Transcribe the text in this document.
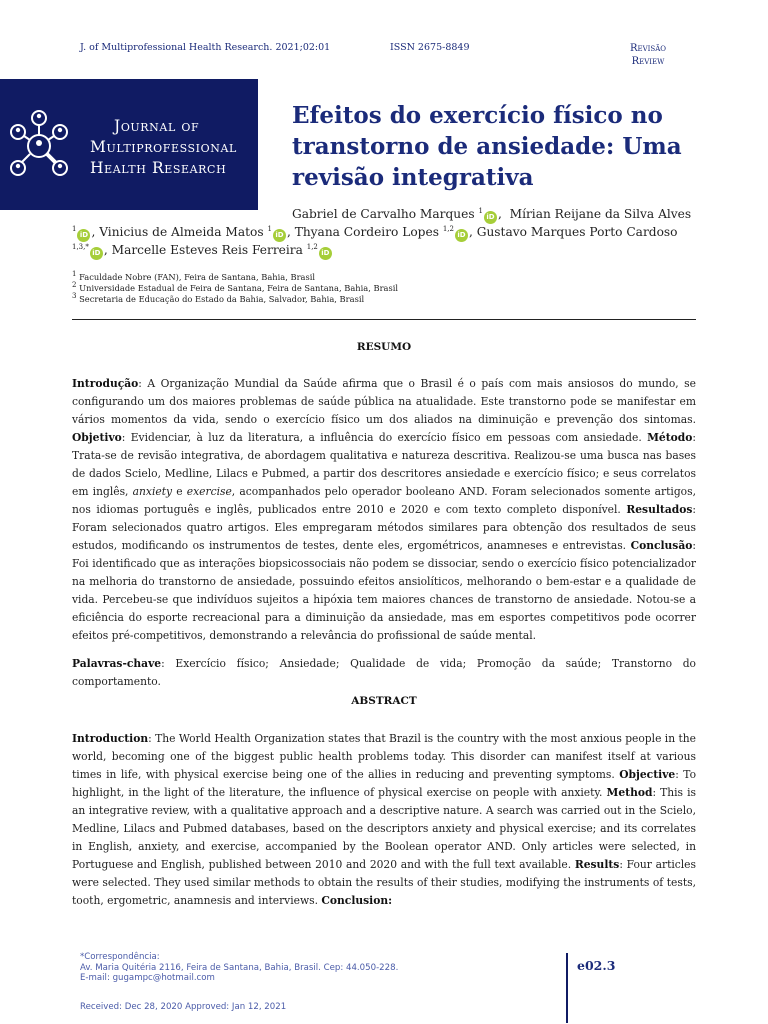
J. of Multiprofessional Health Research. 2021;02:01	ISSN 2675-8849	Revisão
Review
Journal of
Multiprofessional
Health Research
Efeitos do exercício físico no transtorno de ansiedade: Uma revisão integrativa
Gabriel de Carvalho Marques $^1$iD ,  Mírian Reijane da Silva Alves
$^1$iD , Vinicius de Almeida Matos $^1$iD , Thyana Cordeiro Lopes $^{1,2}$iD , Gustavo Marques Porto Cardoso
$^{1,3,*}$iD , Marcelle Esteves Reis Ferreira $^{1,2}$iD
$^1$ Faculdade Nobre (FAN), Feira de Santana, Bahia, Brasil
$^2$ Universidade Estadual de Feira de Santana, Feira de Santana, Bahia, Brasil
$^3$ Secretaria de Educação do Estado da Bahia, Salvador, Bahia, Brasil
RESUMO

Introdução: A Organização Mundial da Saúde afirma que o Brasil é o país com mais ansiosos do mundo, se configurando um dos maiores problemas de saúde pública na atualidade. Este transtorno pode se manifestar em vários momentos da vida, sendo o exercício físico um dos aliados na diminuição e prevenção dos sintomas. Objetivo: Evidenciar, à luz da literatura, a influência do exercício físico em pessoas com ansiedade. Método: Trata-se de revisão integrativa, de abordagem qualitativa e natureza descritiva. Realizou-se uma busca nas bases de dados Scielo, Medline, Lilacs e Pubmed, a partir dos descritores ansiedade e exercício físico; e seus correlatos em inglês, anxiety e exercise, acompanhados pelo operador booleano AND. Foram selecionados somente artigos, nos idiomas português e inglês, publicados entre 2010 e 2020 e com texto completo disponível. Resultados: Foram selecionados quatro artigos. Eles empregaram métodos similares para obtenção dos resultados de seus estudos, modificando os instrumentos de testes, dente eles, ergométricos, anamneses e entrevistas. Conclusão: Foi identificado que as interações biopsicossociais não podem se dissociar, sendo o exercício físico potencializador na melhoria do transtorno de ansiedade, possuindo efeitos ansiolíticos, melhorando o bem-estar e a qualidade de vida. Percebeu-se que indivíduos sujeitos a hipóxia tem maiores chances de transtorno de ansiedade. Notou-se a eficiência do esporte recreacional para a diminuição da ansiedade, mas em esportes competitivos pode ocorrer efeitos pré-competitivos, demonstrando a relevância do profissional de saúde mental.

Palavras-chave: Exercício físico; Ansiedade; Qualidade de vida; Promoção da saúde; Transtorno do comportamento.

ABSTRACT

Introduction: The World Health Organization states that Brazil is the country with the most anxious people in the world, becoming one of the biggest public health problems today. This disorder can manifest itself at various times in life, with physical exercise being one of the allies in reducing and preventing symptoms. Objective: To highlight, in the light of the literature, the influence of physical exercise on people with anxiety. Method: This is an integrative review, with a qualitative approach and a descriptive nature. A search was carried out in the Scielo, Medline, Lilacs and Pubmed databases, based on the descriptors anxiety and physical exercise; and its correlates in English, anxiety, and exercise, accompanied by the Boolean operator AND. Only articles were selected, in Portuguese and English, published between 2010 and 2020 and with the full text available. Results: Four articles were selected. They used similar methods to obtain the results of their studies, modifying the instruments of tests, tooth, ergometric, anamnesis and interviews. Conclusion:

*Correspondência:
Av. Maria Quitéria 2116, Feira de Santana, Bahia, Brasil. Cep: 44.050-228.
E-mail: gugampc@hotmail.com
Received: Dec 28, 2020 Approved: Jan 12, 2021
e02.3
